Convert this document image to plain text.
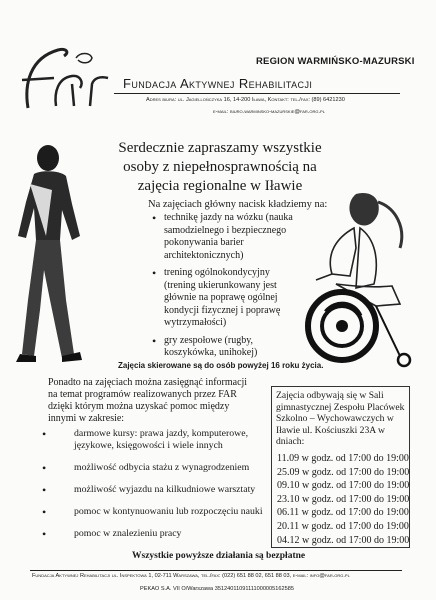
REGION WARMIŃSKO-MAZURSKI
Fundacja Aktywnej Rehabilitacji
Adres biura: ul. Jagiellończyka 16, 14-200 Iława, Kontakt: tel./fax: (89) 6421230
e-mail: biuro.warminsko-mazurskie@far.org.pl
Serdecznie zapraszamy wszystkie
osoby z niepełnosprawnością na
zajęcia regionalne w Iławie
Na zajęciach główny nacisk kładziemy na:
• technikę jazdy na wózku (nauka samodzielnego i bezpiecznego pokonywania barier architektonicznych)
• trening ogólnokondycyjny (trening ukierunkowany jest głównie na poprawę ogólnej kondycji fizycznej i poprawę wytrzymałości)
• gry zespołowe (rugby, koszykówka, unihokej)
Zajęcia skierowane są do osób powyżej 16 roku życia.
Ponadto na zajęciach można zasięgnąć informacji na temat programów realizowanych przez FAR dzięki którym można uzyskać pomoc między innymi w zakresie:
• darmowe kursy: prawa jazdy, komputerowe, językowe, księgowości i wiele innych
• możliwość odbycia stażu z wynagrodzeniem
• możliwość wyjazdu na kilkudniowe warsztaty
• pomoc w kontynuowaniu lub rozpoczęciu nauki
• pomoc w znalezieniu pracy
Zajęcia odbywają się w Sali gimnastycznej Zespołu Placówek Szkolno – Wychowawczych w Iławie ul. Kościuszki 23A w dniach:
11.09 w godz. od 17:00 do 19:00
25.09 w godz. od 17:00 do 19:00
09.10 w godz. od 17:00 do 19:00
23.10 w godz. od 17:00 do 19:00
06.11 w godz. od 17:00 do 19:00
20.11 w godz. od 17:00 do 19:00
04.12 w godz. od 17:00 do 19:00
Wszystkie powyższe działania są bezpłatne
Fundacja Aktywnej Rehabilitacji ul. Inspektowa 1, 02-711 Warszawa, tel./fax: (022) 651 88 02, 651 88 03, e-mail: info@far.org.pl
PEKAO S.A. VII O/Warszawa 35124011091111000005162585
